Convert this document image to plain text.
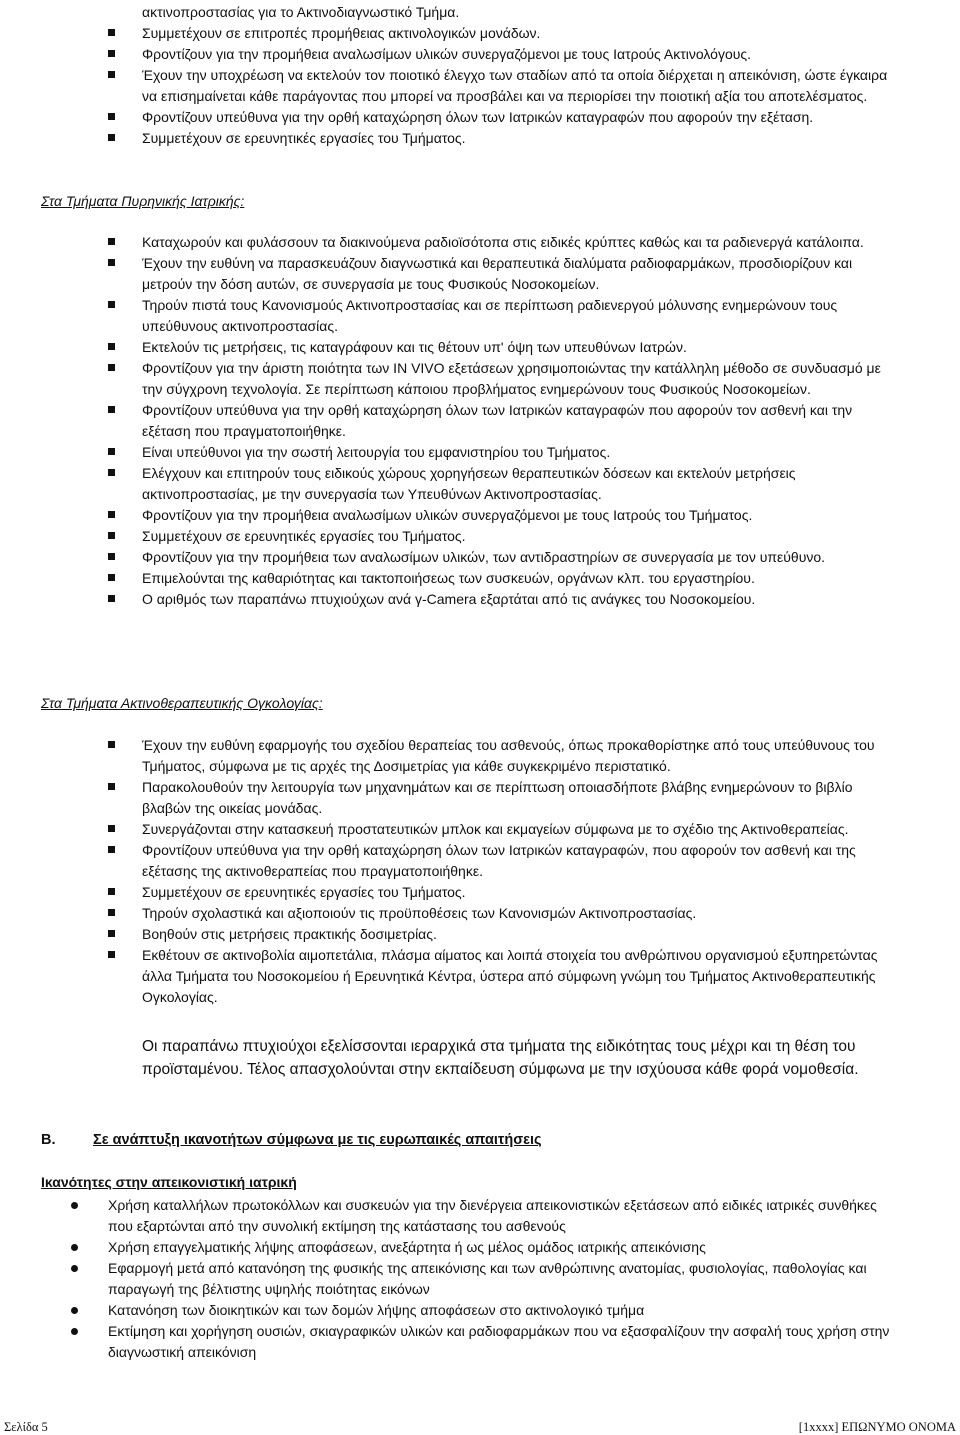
ακτινοπροστασίας για το Ακτινοδιαγνωστικό Τμήμα.
Συμμετέχουν σε επιτροπές προμήθειας ακτινολογικών μονάδων.
Φροντίζουν για την προμήθεια αναλωσίμων υλικών συνεργαζόμενοι με τους Ιατρούς Ακτινολόγους.
Έχουν την υποχρέωση να εκτελούν τον ποιοτικό έλεγχο των σταδίων από τα οποία διέρχεται η απεικόνιση, ώστε έγκαιρα να επισημαίνεται κάθε παράγοντας που μπορεί να προσβάλει και να περιορίσει την ποιοτική αξία του αποτελέσματος.
Φροντίζουν υπεύθυνα για την ορθή καταχώρηση όλων των Ιατρικών καταγραφών που αφορούν την εξέταση.
Συμμετέχουν σε ερευνητικές εργασίες του Τμήματος.
Στα Τμήματα Πυρηνικής Ιατρικής:
Καταχωρούν και φυλάσσουν τα διακινούμενα ραδιοϊσότοπα στις ειδικές κρύπτες καθώς και τα ραδιενεργά κατάλοιπα.
Έχουν την ευθύνη να παρασκευάζουν διαγνωστικά και θεραπευτικά διαλύματα ραδιοφαρμάκων, προσδιορίζουν και μετρούν την δόση αυτών, σε συνεργασία με τους Φυσικούς Νοσοκομείων.
Τηρούν πιστά τους Κανονισμούς Ακτινοπροστασίας και σε περίπτωση ραδιενεργού μόλυνσης ενημερώνουν τους υπεύθυνους ακτινοπροστασίας.
Εκτελούν τις μετρήσεις, τις καταγράφουν και τις θέτουν υπ' όψη των υπευθύνων Ιατρών.
Φροντίζουν για την άριστη ποιότητα των IN VIVO εξετάσεων χρησιμοποιώντας την κατάλληλη μέθοδο σε συνδυασμό με την σύγχρονη τεχνολογία. Σε περίπτωση κάποιου προβλήματος ενημερώνουν τους Φυσικούς Νοσοκομείων.
Φροντίζουν υπεύθυνα για την ορθή καταχώρηση όλων των Ιατρικών καταγραφών που αφορούν τον ασθενή και την εξέταση που πραγματοποιήθηκε.
Είναι υπεύθυνοι για την σωστή λειτουργία του εμφανιστηρίου του Τμήματος.
Ελέγχουν και επιτηρούν τους ειδικούς χώρους χορηγήσεων θεραπευτικών δόσεων και εκτελούν μετρήσεις ακτινοπροστασίας, με την συνεργασία των Υπευθύνων Ακτινοπροστασίας.
Φροντίζουν για την προμήθεια αναλωσίμων υλικών συνεργαζόμενοι με τους Ιατρούς του Τμήματος.
Συμμετέχουν σε ερευνητικές εργασίες του Τμήματος.
Φροντίζουν για την προμήθεια των αναλωσίμων υλικών, των αντιδραστηρίων σε συνεργασία με τον υπεύθυνο.
Επιμελούνται της καθαριότητας και τακτοποιήσεως των συσκευών, οργάνων κλπ. του εργαστηρίου.
Ο αριθμός των παραπάνω πτυχιούχων ανά γ-Camera εξαρτάται από τις ανάγκες του Νοσοκομείου.
Στα Τμήματα Ακτινοθεραπευτικής Ογκολογίας:
Έχουν την ευθύνη εφαρμογής του σχεδίου θεραπείας του ασθενούς, όπως προκαθορίστηκε από τους υπεύθυνους του Τμήματος, σύμφωνα με τις αρχές της Δοσιμετρίας για κάθε συγκεκριμένο περιστατικό.
Παρακολουθούν την λειτουργία των μηχανημάτων και σε περίπτωση οποιασδήποτε βλάβης ενημερώνουν το βιβλίο βλαβών της οικείας μονάδας.
Συνεργάζονται στην κατασκευή προστατευτικών μπλοκ και εκμαγείων σύμφωνα με το σχέδιο της Ακτινοθεραπείας.
Φροντίζουν υπεύθυνα για την ορθή καταχώρηση όλων των Ιατρικών καταγραφών, που αφορούν τον ασθενή και της εξέτασης της ακτινοθεραπείας που πραγματοποιήθηκε.
Συμμετέχουν σε ερευνητικές εργασίες του Τμήματος.
Τηρούν σχολαστικά και αξιοποιούν τις προϋποθέσεις των Κανονισμών Ακτινοπροστασίας.
Βοηθούν στις μετρήσεις πρακτικής δοσιμετρίας.
Εκθέτουν σε ακτινοβολία αιμοπετάλια, πλάσμα αίματος και λοιπά στοιχεία του ανθρώπινου οργανισμού εξυπηρετώντας άλλα Τμήματα του Νοσοκομείου ή Ερευνητικά Κέντρα, ύστερα από σύμφωνη γνώμη του Τμήματος Ακτινοθεραπευτικής Ογκολογίας.
Οι παραπάνω πτυχιούχοι εξελίσσονται ιεραρχικά στα τμήματα της ειδικότητας τους μέχρι και τη θέση του προϊσταμένου. Τέλος απασχολούνται στην εκπαίδευση σύμφωνα με την ισχύουσα κάθε φορά νομοθεσία.
Β.	Σε ανάπτυξη ικανοτήτων σύμφωνα με τις ευρωπαικές απαιτήσεις
Ικανότητες στην απεικονιστική ιατρική
Χρήση καταλλήλων πρωτοκόλλων και συσκευών για την διενέργεια απεικονιστικών εξετάσεων από ειδικές ιατρικές συνθήκες που εξαρτώνται από την συνολική εκτίμηση της κατάστασης του ασθενούς
Χρήση επαγγελματικής λήψης αποφάσεων, ανεξάρτητα ή ως μέλος ομάδος ιατρικής απεικόνισης
Εφαρμογή μετά από κατανόηση της φυσικής της απεικόνισης και των ανθρώπινης ανατομίας, φυσιολογίας, παθολογίας και παραγωγή της βέλτιστης υψηλής ποιότητας εικόνων
Κατανόηση των διοικητικών και των δομών λήψης αποφάσεων στο ακτινολογικό τμήμα
Εκτίμηση και χορήγηση ουσιών, σκιαγραφικών υλικών και ραδιοφαρμάκων που να εξασφαλίζουν την ασφαλή τους χρήση στην διαγνωστική απεικόνιση
Σελίδα 5	[1xxxx] ΕΠΩΝΥΜΟ ΟΝΟΜΑ
